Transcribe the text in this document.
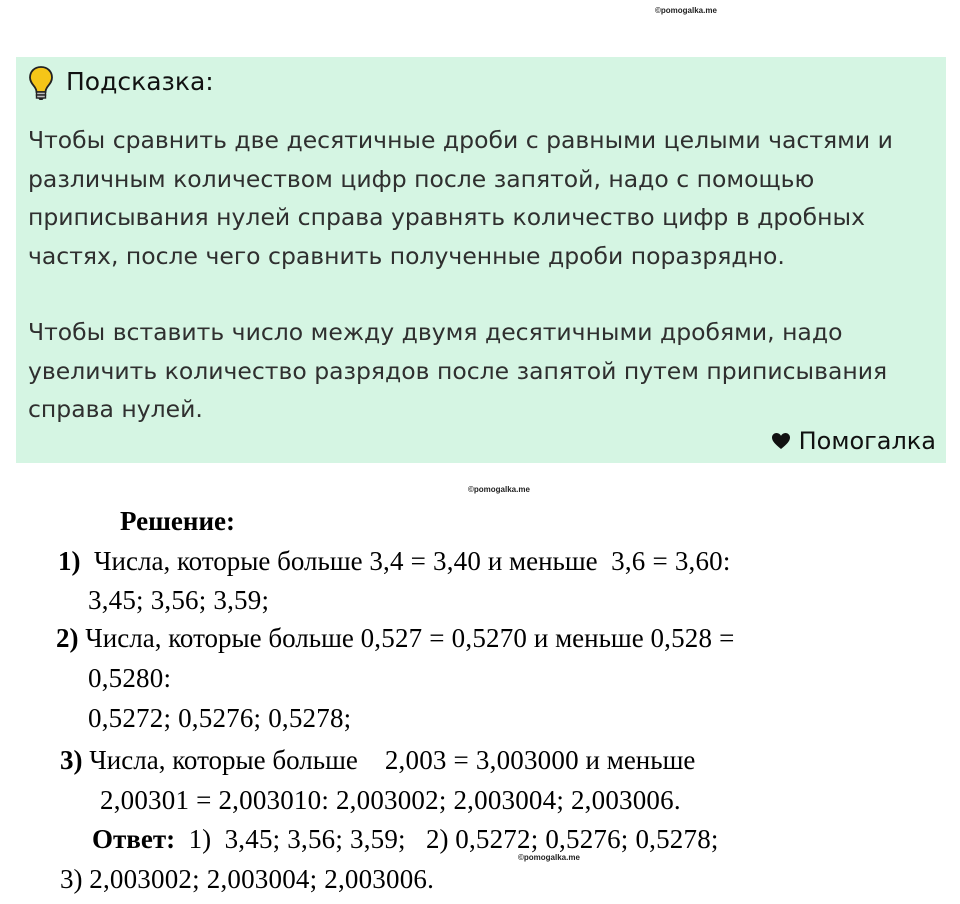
©pomogalka.me
Подсказка:

Чтобы сравнить две десятичные дроби с равными целыми частями и различным количеством цифр после запятой, надо с помощью приписывания нулей справа уравнять количество цифр в дробных частях, после чего сравнить полученные дроби поразрядно.

Чтобы вставить число между двумя десятичными дробями, надо увеличить количество разрядов после запятой путем приписывания справа нулей.

Помогалка
©pomogalka.me
Решение:
1) Числа, которые больше 3,4 = 3,40 и меньше  3,6 = 3,60:
3,45; 3,56; 3,59;
2) Числа, которые больше 0,527 = 0,5270 и меньше 0,528 =
0,5280:
0,5272; 0,5276; 0,5278;
3) Числа, которые больше    2,003 = 3,003000 и меньше
2,00301 = 2,003010: 2,003002; 2,003004; 2,003006.
Ответ: 1) 3,45; 3,56; 3,59; 2) 0,5272; 0,5276; 0,5278;
©pomogalka.me
3) 2,003002; 2,003004; 2,003006.
